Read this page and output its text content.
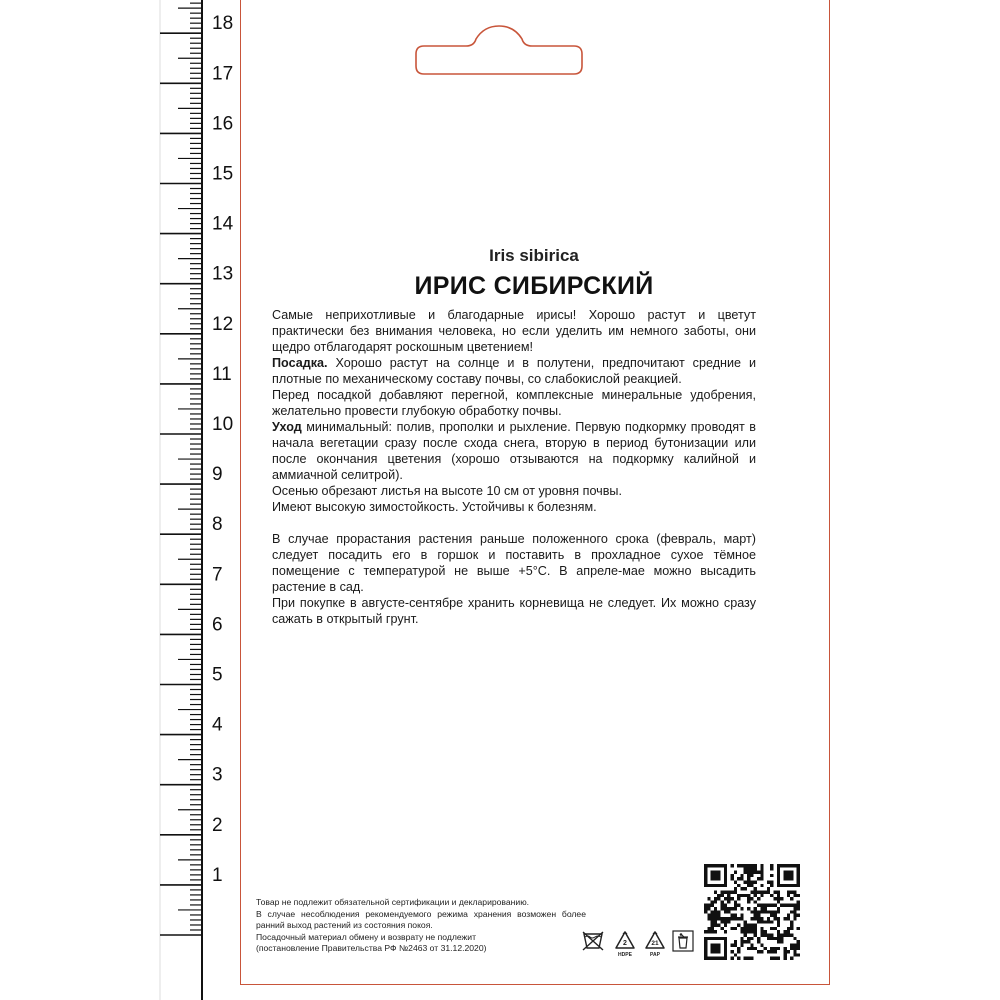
1
2
3
4
5
6
7
8
9
10
11
12
13
14
15
16
17
18
Iris sibirica
ИРИС СИБИРСКИЙ

Самые неприхотливые и благодарные ирисы! Хорошо растут и цветут практически без внимания человека, но если уделить им немного заботы, они щедро отблагодарят роскошным цветением!

Посадка. Хорошо растут на солнце и в полутени, предпочитают средние и плотные по механическому составу почвы, со слабокислой реакцией.

Перед посадкой добавляют перегной, комплексные минеральные удобрения, желательно провести глубокую обработку почвы.

Уход минимальный: полив, прополки и рыхление. Первую подкормку проводят в начала вегетации сразу после схода снега, вторую в период бутонизации или после окончания цветения (хорошо отзываются на подкормку калийной и аммиачной селитрой).

Осенью обрезают листья на высоте 10 см от уровня почвы.

Имеют высокую зимостойкость. Устойчивы к болезням.

В случае прорастания растения раньше положенного срока (февраль, март) следует посадить его в горшок и поставить в прохладное сухое тёмное помещение с температурой не выше +5°С. В апреле-мае можно высадить растение в сад.

При покупке в августе-сентябре хранить корневища не следует. Их можно сразу сажать в открытый грунт.

Товар не подлежит обязательной сертификации и декларированию.

В случае несоблюдения рекомендуемого режима хранения возможен более ранний выход растений из состояния покоя.

Посадочный материал обмену и возврату не подлежит

(постановление Правительства РФ №2463 от 31.12.2020)	2
HDPE
21
PAP
